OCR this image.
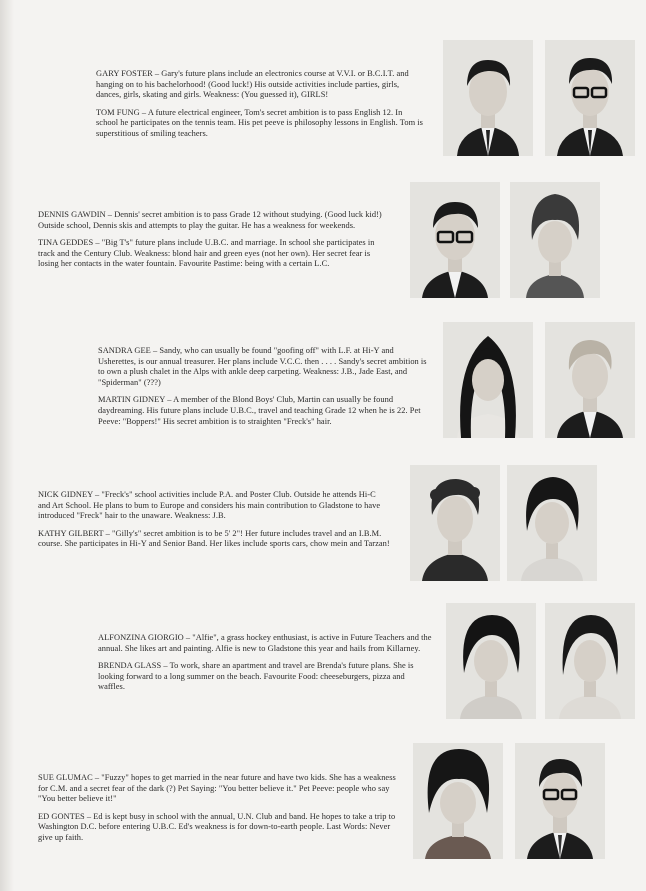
GARY FOSTER – Gary's future plans include an electronics course at V.V.I. or B.C.I.T. and hanging on to his bachelorhood! (Good luck!) His outside activities include parties, girls, dances, girls, skating and girls. Weakness: (You guessed it), GIRLS!

TOM FUNG – A future electrical engineer, Tom's secret ambition is to pass English 12. In school he participates on the tennis team. His pet peeve is philosophy lessons in English. Tom is superstitious of smiling teachers.

DENNIS GAWDIN – Dennis' secret ambition is to pass Grade 12 without studying. (Good luck kid!) Outside school, Dennis skis and attempts to play the guitar. He has a weakness for weekends.

TINA GEDDES – "Big T's" future plans include U.B.C. and marriage. In school she participates in track and the Century Club. Weakness: blond hair and green eyes (not her own). Her secret fear is losing her contacts in the water fountain. Favourite Pastime: being with a certain L.C.

SANDRA GEE – Sandy, who can usually be found "goofing off" with L.F. at Hi-Y and Usherettes, is our annual treasurer. Her plans include V.C.C. then . . . . Sandy's secret ambition is to own a plush chalet in the Alps with ankle deep carpeting. Weakness: J.B., Jade East, and "Spiderman" (???)

MARTIN GIDNEY – A member of the Blond Boys' Club, Martin can usually be found daydreaming. His future plans include U.B.C., travel and teaching Grade 12 when he is 22. Pet Peeve: "Boppers!" His secret ambition is to straighten "Freck's" hair.

NICK GIDNEY – "Freck's" school activities include P.A. and Poster Club. Outside he attends Hi-C and Art School. He plans to bum to Europe and considers his main contribution to Gladstone to have introduced "Freck" hair to the unaware. Weakness: J.B.

KATHY GILBERT – "Gilly's" secret ambition is to be 5' 2"! Her future includes travel and an I.B.M. course. She participates in Hi-Y and Senior Band. Her likes include sports cars, chow mein and Tarzan!

ALFONZINA GIORGIO – "Alfie", a grass hockey enthusiast, is active in Future Teachers and the annual. She likes art and painting. Alfie is new to Gladstone this year and hails from Killarney.

BRENDA GLASS – To work, share an apartment and travel are Brenda's future plans. She is looking forward to a long summer on the beach. Favourite Food: cheeseburgers, pizza and waffles.

SUE GLUMAC – "Fuzzy" hopes to get married in the near future and have two kids. She has a weakness for C.M. and a secret fear of the dark (?) Pet Saying: "You better believe it." Pet Peeve: people who say "You better believe it!"

ED GONTES – Ed is kept busy in school with the annual, U.N. Club and band. He hopes to take a trip to Washington D.C. before entering U.B.C. Ed's weakness is for down-to-earth people. Last Words: Never give up faith.
